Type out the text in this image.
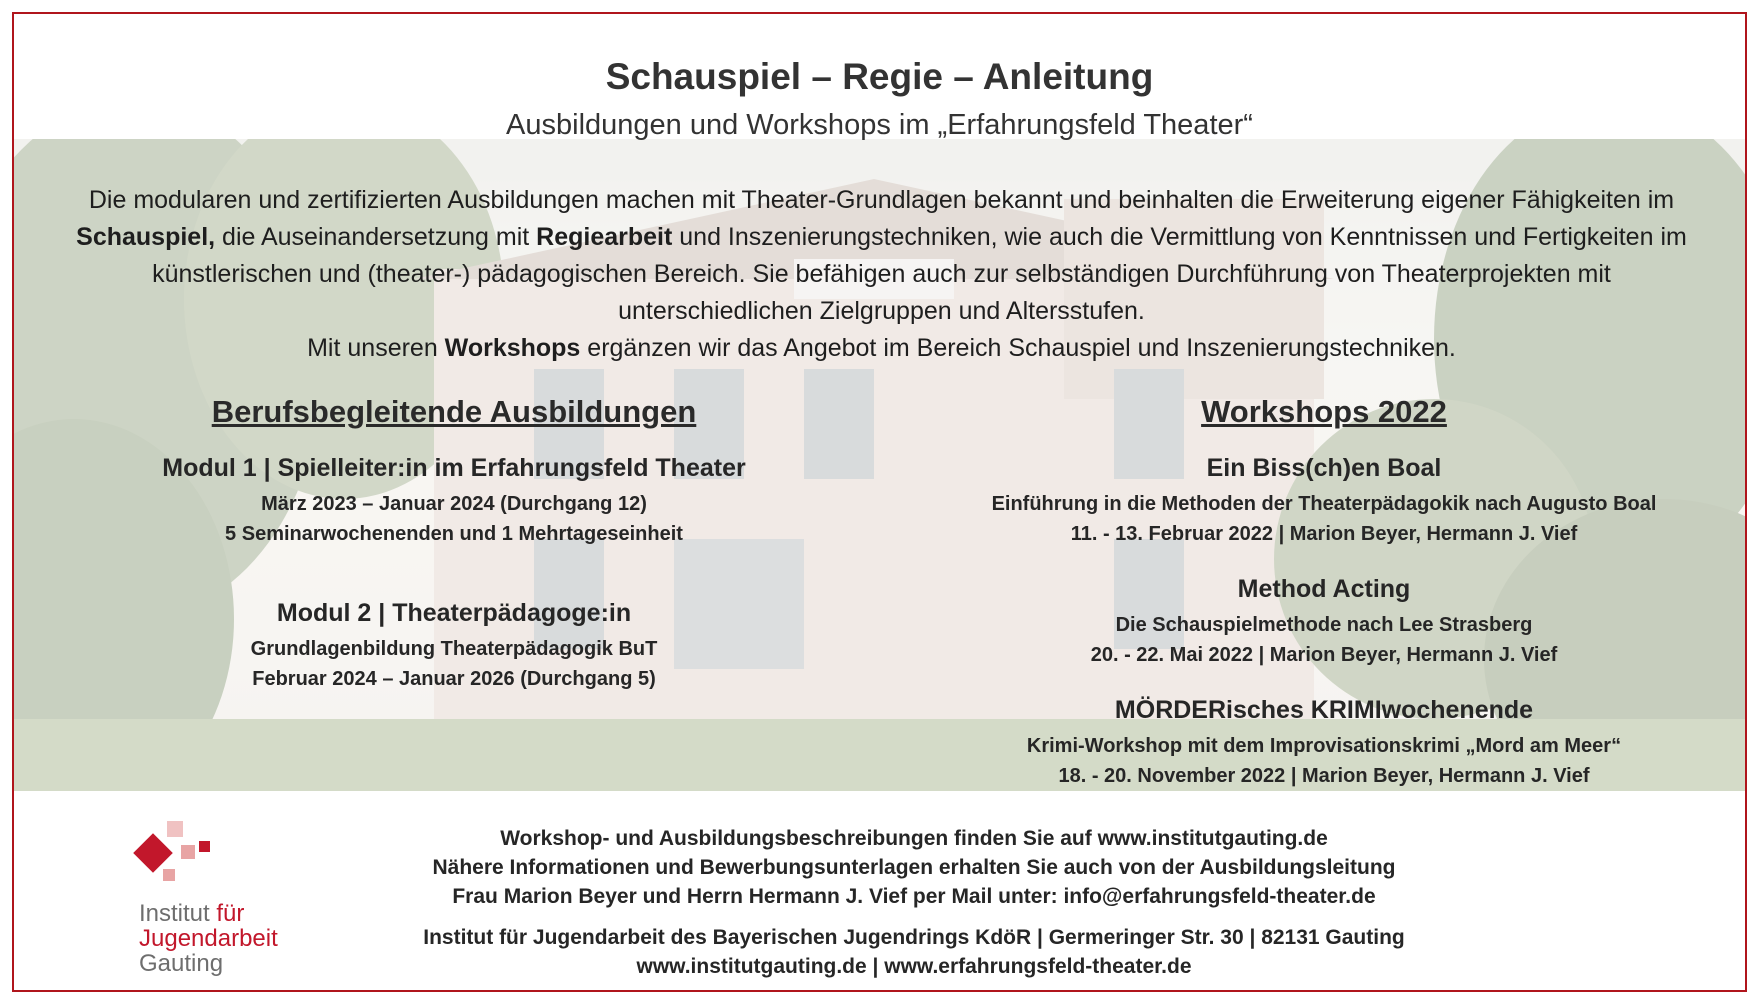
Schauspiel – Regie – Anleitung
Ausbildungen und Workshops im „Erfahrungsfeld Theater“

Die modularen und zertifizierten Ausbildungen machen mit Theater-Grundlagen bekannt und beinhalten die Erweiterung eigener Fähigkeiten im Schauspiel, die Auseinandersetzung mit Regiearbeit und Inszenierungstechniken, wie auch die Vermittlung von Kenntnissen und Fertigkeiten im künstlerischen und (theater-) pädagogischen Bereich. Sie befähigen auch zur selbständigen Durchführung von Theaterprojekten mit unterschiedlichen Zielgruppen und Altersstufen.

Mit unseren Workshops ergänzen wir das Angebot im Bereich Schauspiel und Inszenierungstechniken.

Berufsbegleitende Ausbildungen
Modul 1 | Spielleiter:in im Erfahrungsfeld Theater
März 2023 – Januar 2024 (Durchgang 12)
5 Seminarwochenenden und 1 Mehrtageseinheit
Modul 2 | Theaterpädagoge:in
Grundlagenbildung Theaterpädagogik BuT
Februar 2024 – Januar 2026 (Durchgang 5)
Workshops 2022
Ein Biss(ch)en Boal
Einführung in die Methoden der Theaterpädagokik nach Augusto Boal
11. - 13. Februar 2022 | Marion Beyer, Hermann J. Vief
Method Acting
Die Schauspielmethode nach Lee Strasberg
20. - 22. Mai 2022 | Marion Beyer, Hermann J. Vief
MÖRDERisches KRIMIwochenende
Krimi-Workshop mit dem Improvisationskrimi „Mord am Meer“
18. - 20. November 2022 | Marion Beyer, Hermann J. Vief
Institut für
Jugendarbeit
Gauting
Workshop- und Ausbildungsbeschreibungen finden Sie auf www.institutgauting.de
Nähere Informationen und Bewerbungsunterlagen erhalten Sie auch von der Ausbildungsleitung
Frau Marion Beyer und Herrn Hermann J. Vief per Mail unter: info@erfahrungsfeld-theater.de
Institut für Jugendarbeit des Bayerischen Jugendrings KdöR | Germeringer Str. 30 | 82131 Gauting
www.institutgauting.de | www.erfahrungsfeld-theater.de
